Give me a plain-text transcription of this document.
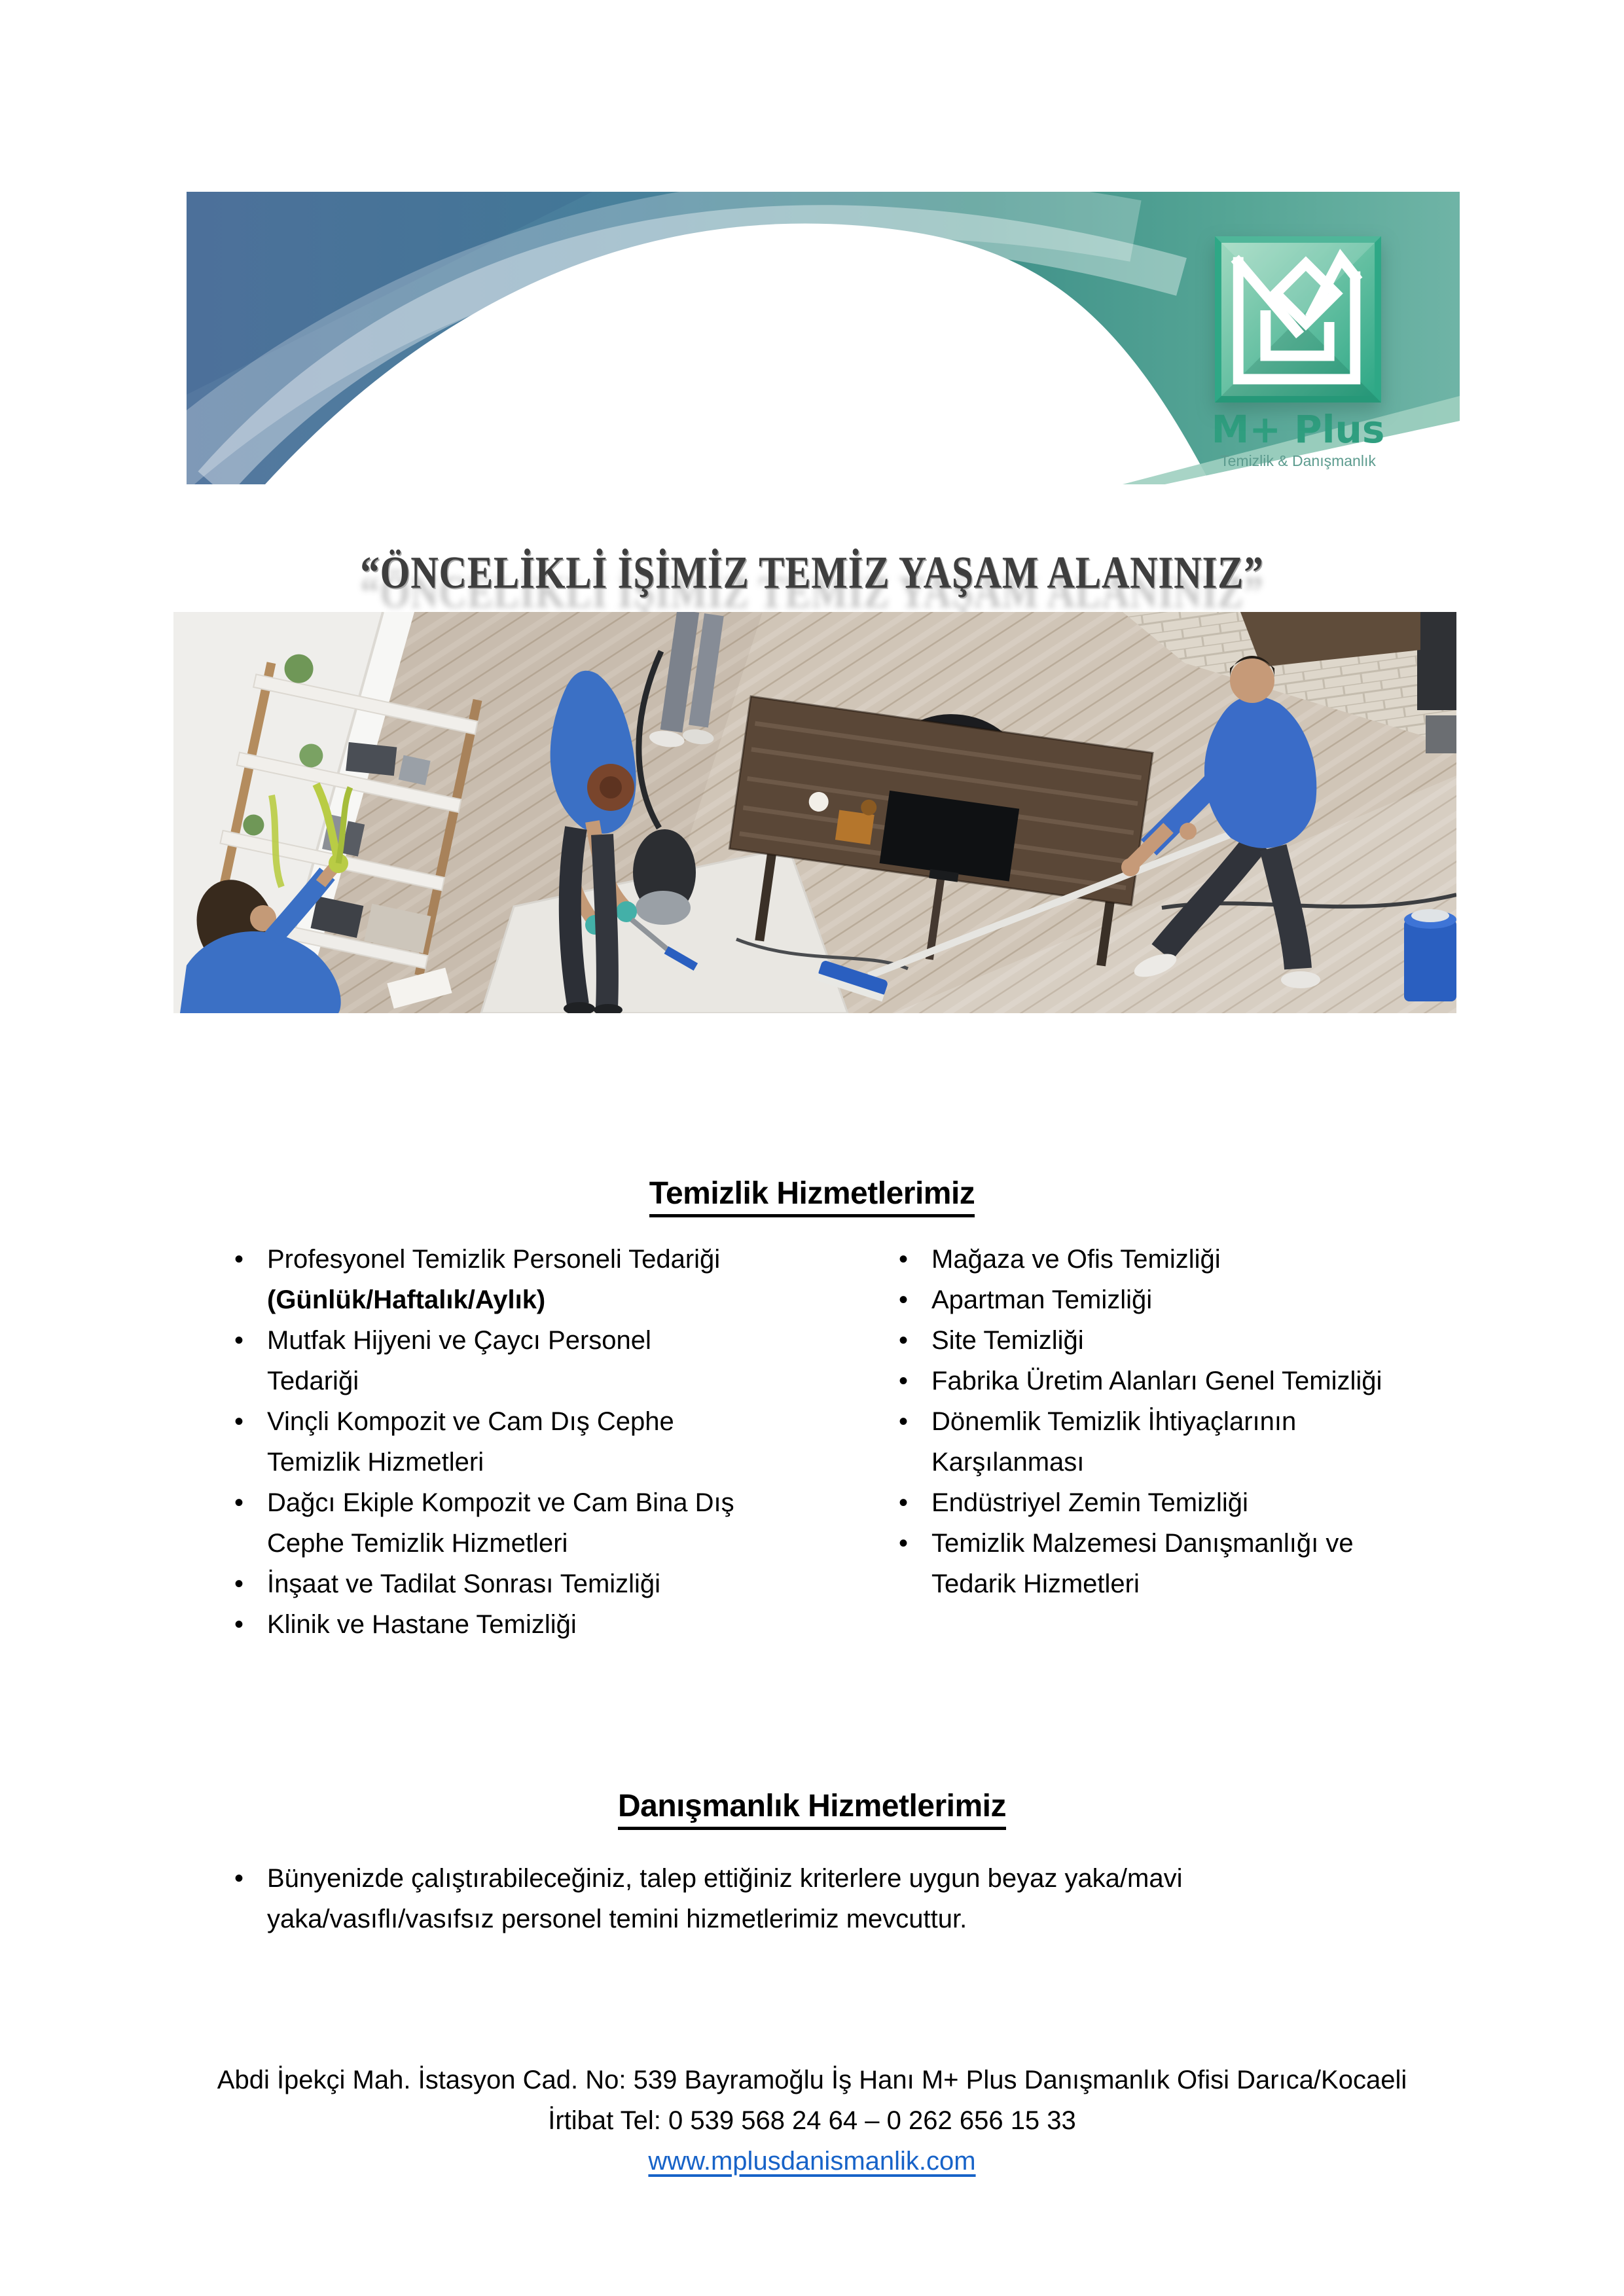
M+ Plus
Temizlik & Danışmanlık
“ÖNCELİKLİ İŞİMİZ TEMİZ YAŞAM ALANINIZ”
Temizlik Hizmetlerimiz
• Profesyonel Temizlik Personeli Tedariği (Günlük/Haftalık/Aylık)
• Mutfak Hijyeni ve Çaycı Personel Tedariği
• Vinçli Kompozit ve Cam Dış Cephe Temizlik Hizmetleri
• Dağcı Ekiple Kompozit ve Cam Bina Dış Cephe Temizlik Hizmetleri
• İnşaat ve Tadilat Sonrası Temizliği
• Klinik ve Hastane Temizliği
• Mağaza ve Ofis Temizliği
• Apartman Temizliği
• Site Temizliği
• Fabrika Üretim Alanları Genel Temizliği
• Dönemlik Temizlik İhtiyaçlarının Karşılanması
• Endüstriyel Zemin Temizliği
• Temizlik Malzemesi Danışmanlığı ve Tedarik Hizmetleri
Danışmanlık Hizmetlerimiz
• Bünyenizde çalıştırabileceğiniz, talep ettiğiniz kriterlere uygun beyaz yaka/mavi yaka/vasıflı/vasıfsız personel temini hizmetlerimiz mevcuttur.
Abdi İpekçi Mah. İstasyon Cad. No: 539 Bayramoğlu İş Hanı M+ Plus Danışmanlık Ofisi Darıca/Kocaeli
İrtibat Tel: 0 539 568 24 64 – 0 262 656 15 33
www.mplusdanismanlik.com
